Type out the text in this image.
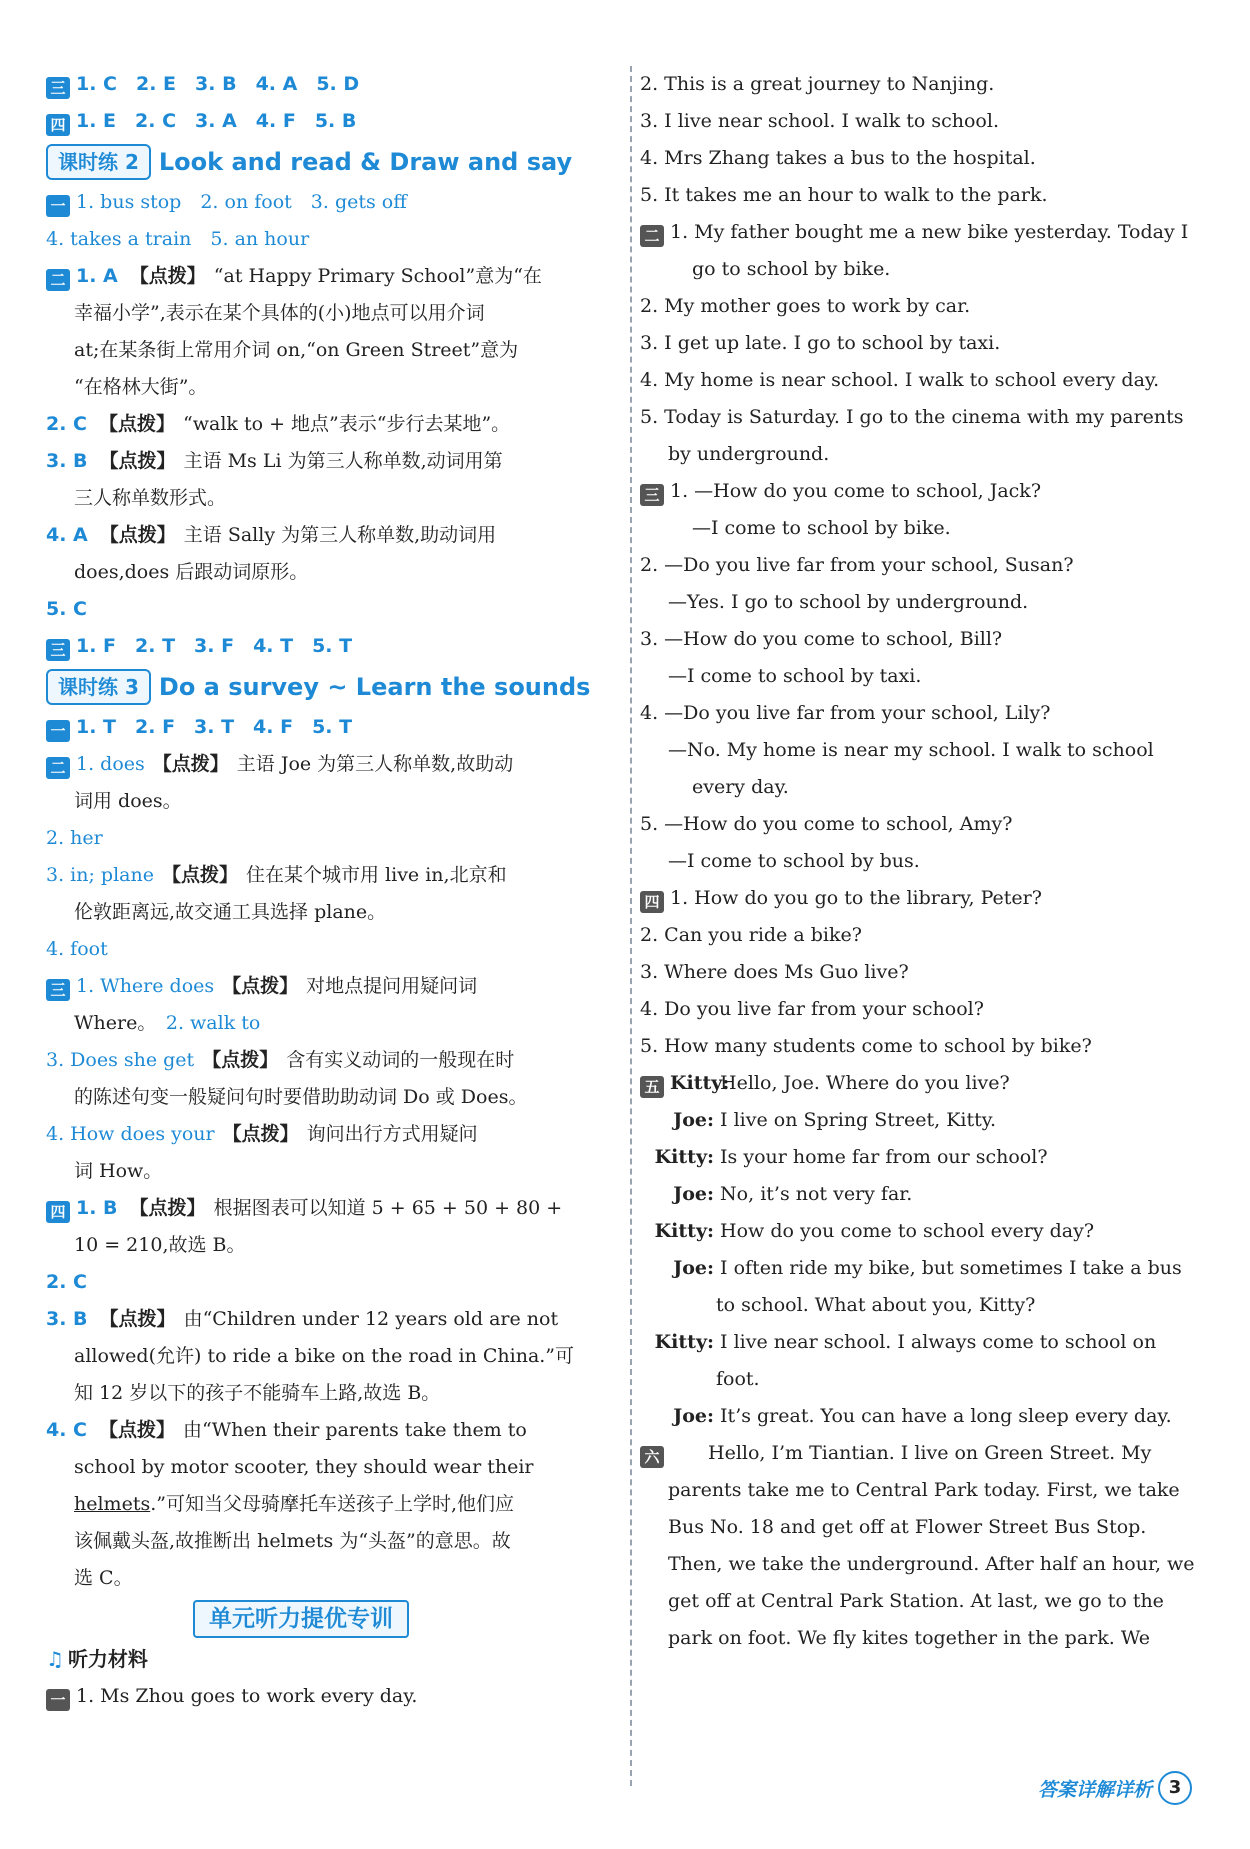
三 1. C　2. E　3. B　4. A　5. D
四 1. E　2. C　3. A　4. F　5. B
课时练 2 Look and read & Draw and say
一 1. bus stop　2. on foot　3. gets off
4. takes a train　5. an hour
二 1. A 【点拨】 “at Happy Primary School”意为“在
幸福小学”,表示在某个具体的(小)地点可以用介词
at;在某条街上常用介词 on,“on Green Street”意为
“在格林大街”。
2. C 【点拨】 “walk to + 地点”表示“步行去某地”。
3. B 【点拨】 主语 Ms Li 为第三人称单数,动词用第
三人称单数形式。
4. A 【点拨】 主语 Sally 为第三人称单数,助动词用
does,does 后跟动词原形。
5. C
三 1. F　2. T　3. F　4. T　5. T
课时练 3 Do a survey ~ Learn the sounds
一 1. T　2. F　3. T　4. F　5. T
二 1. does 【点拨】 主语 Joe 为第三人称单数,故助动
词用 does。
2. her
3. in; plane 【点拨】 住在某个城市用 live in,北京和
伦敦距离远,故交通工具选择 plane。
4. foot
三 1. Where does 【点拨】 对地点提问用疑问词
Where。　 2. walk to
3. Does she get 【点拨】 含有实义动词的一般现在时
的陈述句变一般疑问句时要借助助动词 Do 或 Does。
4. How does your 【点拨】 询问出行方式用疑问
词 How。
四 1. B 【点拨】 根据图表可以知道 5 + 65 + 50 + 80 +
10 = 210,故选 B。
2. C
3. B 【点拨】 由“Children under 12 years old are not
allowed(允许) to ride a bike on the road in China.”可
知 12 岁以下的孩子不能骑车上路,故选 B。
4. C 【点拨】 由“When their parents take them to
school by motor scooter, they should wear their
helmets.”可知当父母骑摩托车送孩子上学时,他们应
该佩戴头盔,故推断出 helmets 为“头盔”的意思。故
选 C。
单元听力提优专训
♫ 听力材料
一 1. Ms Zhou goes to work every day.
2. This is a great journey to Nanjing.
3. I live near school. I walk to school.
4. Mrs Zhang takes a bus to the hospital.
5. It takes me an hour to walk to the park.
二 1. My father bought me a new bike yesterday. Today I
go to school by bike.
2. My mother goes to work by car.
3. I get up late. I go to school by taxi.
4. My home is near school. I walk to school every day.
5. Today is Saturday. I go to the cinema with my parents
by underground.
三 1. —How do you come to school, Jack?
—I come to school by bike.
2. —Do you live far from your school, Susan?
—Yes. I go to school by underground.
3. —How do you come to school, Bill?
—I come to school by taxi.
4. —Do you live far from your school, Lily?
—No. My home is near my school. I walk to school
every day.
5. —How do you come to school, Amy?
—I come to school by bus.
四 1. How do you go to the library, Peter?
2. Can you ride a bike?
3. Where does Ms Guo live?
4. Do you live far from your school?
5. How many students come to school by bike?
五 Kitty: Hello, Joe. Where do you live?
Joe: I live on Spring Street, Kitty.
Kitty: Is your home far from our school?
Joe: No, it’s not very far.
Kitty: How do you come to school every day?
Joe: I often ride my bike, but sometimes I take a bus
to school. What about you, Kitty?
Kitty: I live near school. I always come to school on
foot.
Joe: It’s great. You can have a long sleep every day.
六　　	Hello, I’m Tiantian. I live on Green Street. My
parents take me to Central Park today. First, we take
Bus No. 18 and get off at Flower Street Bus Stop.
Then, we take the underground. After half an hour, we
get off at Central Park Station. At last, we go to the
park on foot. We fly kites together in the park. We
答案详解详析 3
